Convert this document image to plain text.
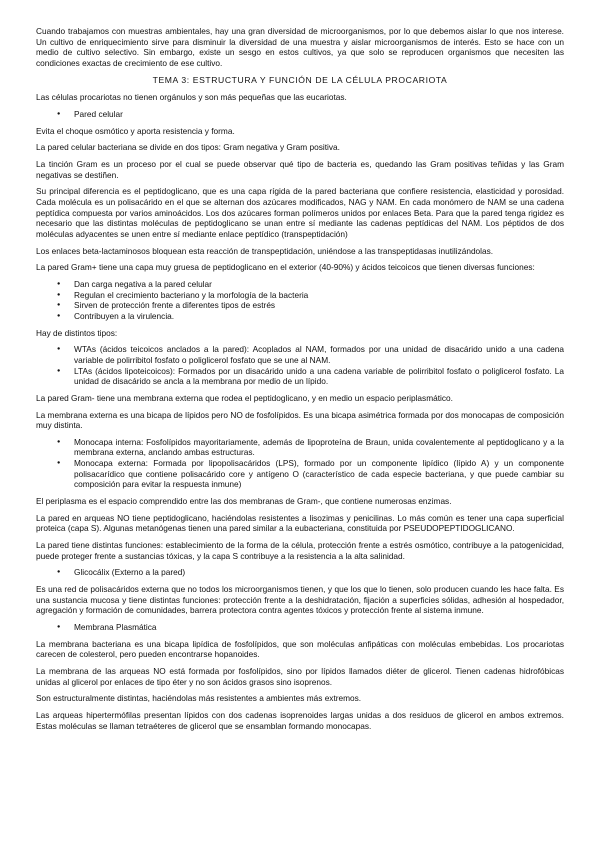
Cuando trabajamos con muestras ambientales, hay una gran diversidad de microorganismos, por lo que debemos aislar lo que nos interese. Un cultivo de enriquecimiento sirve para disminuir la diversidad de una muestra y aislar microorganismos de interés. Esto se hace con un medio de cultivo selectivo. Sin embargo, existe un sesgo en estos cultivos, ya que solo se reproducen organismos que necesiten las condiciones exactas de crecimiento de ese cultivo.

TEMA 3: ESTRUCTURA Y FUNCIÓN DE LA CÉLULA PROCARIOTA

Las células procariotas no tienen orgánulos y son más pequeñas que las eucariotas.

● Pared celular

Evita el choque osmótico y aporta resistencia y forma.

La pared celular bacteriana se divide en dos tipos: Gram negativa y Gram positiva.

La tinción Gram es un proceso por el cual se puede observar qué tipo de bacteria es, quedando las Gram positivas teñidas y las Gram negativas se destiñen.

Su principal diferencia es el peptidoglicano, que es una capa rígida de la pared bacteriana que confiere resistencia, elasticidad y porosidad. Cada molécula es un polisacárido en el que se alternan dos azúcares modificados, NAG y NAM. En cada monómero de NAM se una cadena peptídica compuesta por varios aminoácidos. Los dos azúcares forman polímeros unidos por enlaces Beta. Para que la pared tenga rigidez es necesario que las distintas moléculas de peptidoglicano se unan entre sí mediante las cadenas peptídicas del NAM. Los péptidos de dos moléculas adyacentes se unen entre sí mediante enlace peptídico (transpeptidación)

Los enlaces beta-lactaminosos bloquean esta reacción de transpeptidación, uniéndose a las transpeptidasas inutilizándolas.

La pared Gram+ tiene una capa muy gruesa de peptidoglicano en el exterior (40-90%) y ácidos teicoicos que tienen diversas funciones:

● Dan carga negativa a la pared celular
● Regulan el crecimiento bacteriano y la morfología de la bacteria
● Sirven de protección frente a diferentes tipos de estrés
● Contribuyen a la virulencia.

Hay de distintos tipos:

● WTAs (ácidos teicoicos anclados a la pared): Acoplados al NAM, formados por una unidad de disacárido unido a una cadena variable de polirribitol fosfato o poliglicerol fosfato que se une al NAM.
● LTAs (ácidos lipoteicoicos): Formados por un disacárido unido a una cadena variable de polirribitol fosfato o poliglicerol fosfato. La unidad de disacárido se ancla a la membrana por medio de un lípido.

La pared Gram- tiene una membrana externa que rodea el peptidoglicano, y en medio un espacio periplasmático.

La membrana externa es una bicapa de lípidos pero NO de fosfolípidos. Es una bicapa asimétrica formada por dos monocapas de composición muy distinta.

● Monocapa interna: Fosfolípidos mayoritariamente, además de lipoproteína de Braun, unida covalentemente al peptidoglicano y a la membrana externa, anclando ambas estructuras.
● Monocapa externa: Formada por lipopolisacáridos (LPS), formado por un componente lipídico (lípido A) y un componente polisacarídico que contiene polisacárido core y antígeno O (característico de cada especie bacteriana, y que puede cambiar su composición para evitar la respuesta inmune)

El periplasma es el espacio comprendido entre las dos membranas de Gram-, que contiene numerosas enzimas.

La pared en arqueas NO tiene peptidoglicano, haciéndolas resistentes a lisozimas y penicilinas. Lo más común es tener una capa superficial proteica (capa S). Algunas metanógenas tienen una pared similar a la eubacteriana, constituida por PSEUDOPEPTIDOGLICANO.

La pared tiene distintas funciones: establecimiento de la forma de la célula, protección frente a estrés osmótico, contribuye a la patogenicidad, puede proteger frente a sustancias tóxicas, y la capa S contribuye a la resistencia a la alta salinidad.

● Glicocálix (Externo a la pared)

Es una red de polisacáridos externa que no todos los microorganismos tienen, y que los que lo tienen, solo producen cuando les hace falta. Es una sustancia mucosa y tiene distintas funciones: protección frente a la deshidratación, fijación a superficies sólidas, adhesión al hospedador, agregación y formación de comunidades, barrera protectora contra agentes tóxicos y protección frente al sistema inmune.

● Membrana Plasmática

La membrana bacteriana es una bicapa lipídica de fosfolípidos, que son moléculas anfipáticas con moléculas embebidas. Los procariotas carecen de colesterol, pero pueden encontrarse hopanoides.

La membrana de las arqueas NO está formada por fosfolípidos, sino por lípidos llamados diéter de glicerol. Tienen cadenas hidrofóbicas unidas al glicerol por enlaces de tipo éter y no son ácidos grasos sino isoprenos.

Son estructuralmente distintas, haciéndolas más resistentes a ambientes más extremos.

Las arqueas hipertermófilas presentan lípidos con dos cadenas isoprenoides largas unidas a dos residuos de glicerol en ambos extremos. Estas moléculas se llaman tetraéteres de glicerol que se ensamblan formando monocapas.
